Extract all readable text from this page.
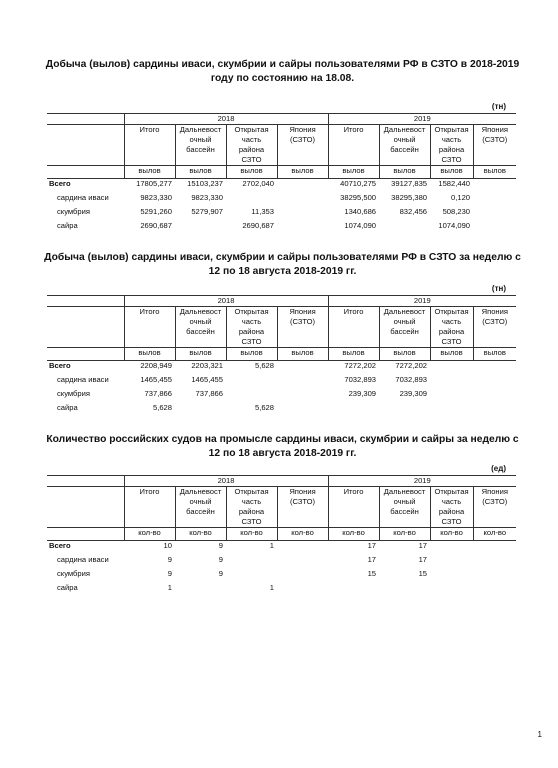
Добыча (вылов) сардины иваси, скумбрии и сайры пользователями РФ в СЗТО в 2018-2019 году по состоянию на 18.08.
(тн)
	2018				2019			
	Итого	Дальневост очный бассейн	Открытая часть района СЗТО	Япония (СЗТО)	Итого	Дальневост очный бассейн	Открытая часть района СЗТО	Япония (СЗТО)
	вылов	вылов	вылов	вылов	вылов	вылов	вылов	вылов
Всего	17805,277	15103,237	2702,040		40710,275	39127,835	1582,440	
сардина иваси	9823,330	9823,330			38295,500	38295,380	0,120	
скумбрия	5291,260	5279,907	11,353		1340,686	832,456	508,230	
сайра	2690,687		2690,687		1074,090		1074,090	
Добыча (вылов) сардины иваси, скумбрии и сайры пользователями РФ в СЗТО за неделю с 12 по 18 августа 2018-2019 гг.
(тн)
	2018				2019			
	Итого	Дальневост очный бассейн	Открытая часть района СЗТО	Япония (СЗТО)	Итого	Дальневост очный бассейн	Открытая часть района СЗТО	Япония (СЗТО)
	вылов	вылов	вылов	вылов	вылов	вылов	вылов	вылов
Всего	2208,949	2203,321	5,628		7272,202	7272,202		
сардина иваси	1465,455	1465,455			7032,893	7032,893		
скумбрия	737,866	737,866			239,309	239,309		
сайра	5,628		5,628					
Количество российских судов на промысле сардины иваси, скумбрии и сайры за неделю с 12 по 18 августа 2018-2019 гг.
(ед)
	2018				2019			
	Итого	Дальневост очный бассейн	Открытая часть района СЗТО	Япония (СЗТО)	Итого	Дальневост очный бассейн	Открытая часть района СЗТО	Япония (СЗТО)
	кол-во	кол-во	кол-во	кол-во	кол-во	кол-во	кол-во	кол-во
Всего	10	9	1		17	17		
сардина иваси	9	9			17	17		
скумбрия	9	9			15	15		
сайра	1		1					
1
